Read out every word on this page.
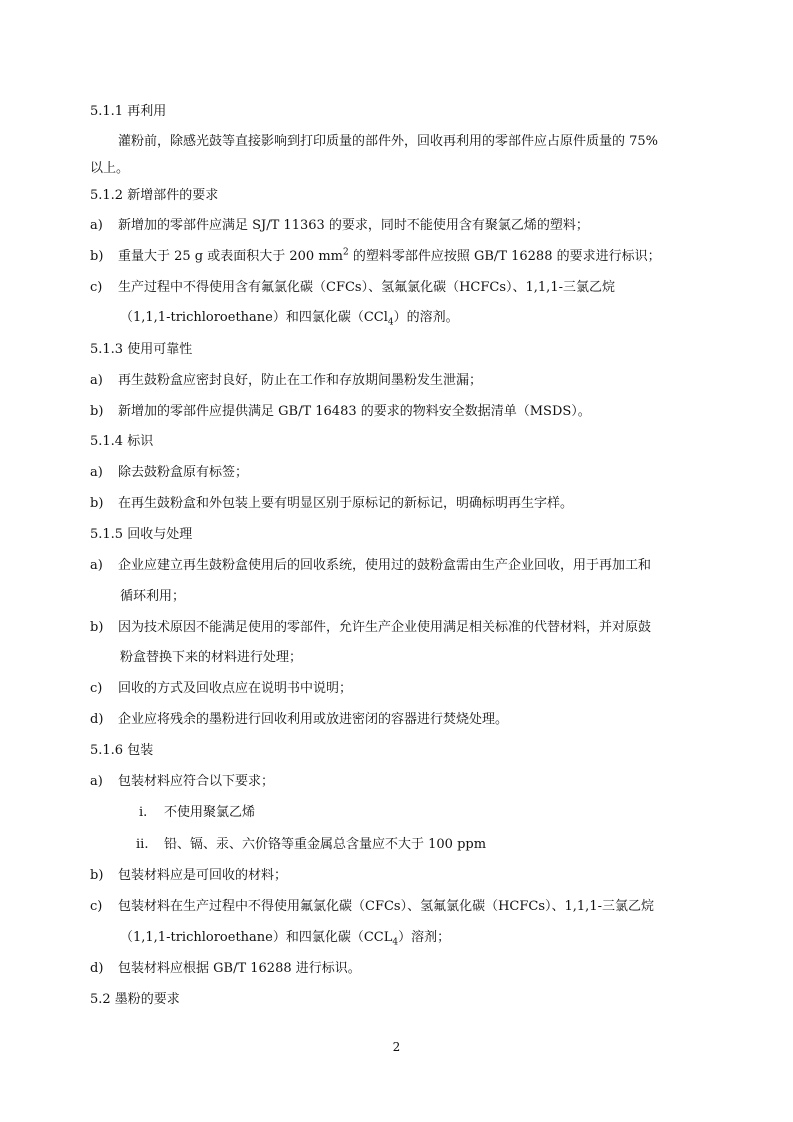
5.1.1 再利用
灌粉前，除感光鼓等直接影响到打印质量的部件外，回收再利用的零部件应占原件质量的 75%
以上。
5.1.2 新增部件的要求
a) 新增加的零部件应满足 SJ/T 11363 的要求，同时不能使用含有聚氯乙烯的塑料；
b) 重量大于 25 g 或表面积大于 200 $mm^2$ 的塑料零部件应按照 GB/T 16288 的要求进行标识；
c) 生产过程中不得使用含有氟氯化碳（CFCs）、氢氟氯化碳（HCFCs）、1,1,1-三氯乙烷
（1,1,1-trichloroethane）和四氯化碳（CCl$_4$）的溶剂。
5.1.3 使用可靠性
a) 再生鼓粉盒应密封良好，防止在工作和存放期间墨粉发生泄漏；
b) 新增加的零部件应提供满足 GB/T 16483 的要求的物料安全数据清单（MSDS）。
5.1.4 标识
a) 除去鼓粉盒原有标签；
b) 在再生鼓粉盒和外包装上要有明显区别于原标记的新标记，明确标明再生字样。
5.1.5 回收与处理
a) 企业应建立再生鼓粉盒使用后的回收系统，使用过的鼓粉盒需由生产企业回收，用于再加工和
循环利用；
b) 因为技术原因不能满足使用的零部件，允许生产企业使用满足相关标准的代替材料，并对原鼓
粉盒替换下来的材料进行处理；
c) 回收的方式及回收点应在说明书中说明；
d) 企业应将残余的墨粉进行回收利用或放进密闭的容器进行焚烧处理。
5.1.6 包装
a) 包装材料应符合以下要求；
i. 不使用聚氯乙烯
ii. 铅、镉、汞、六价铬等重金属总含量应不大于 100 ppm
b) 包装材料应是可回收的材料；
c) 包装材料在生产过程中不得使用氟氯化碳（CFCs）、氢氟氯化碳（HCFCs）、1,1,1-三氯乙烷
（1,1,1-trichloroethane）和四氯化碳$(CCL_4)$溶剂；
d) 包装材料应根据 GB/T 16288 进行标识。
5.2 墨粉的要求
2
